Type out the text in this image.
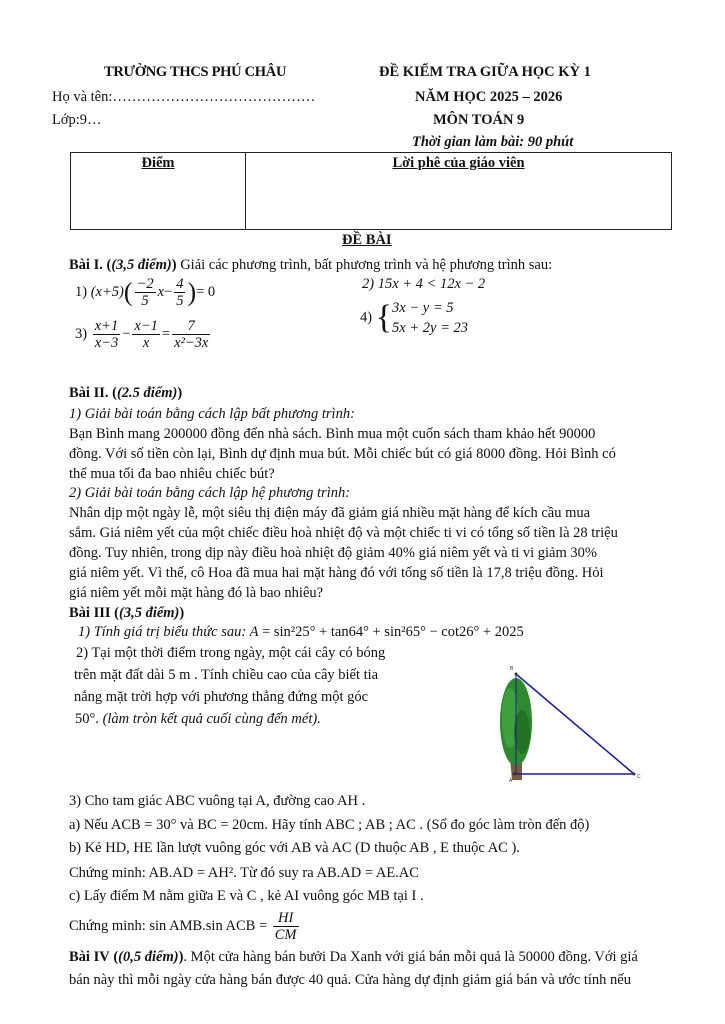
TRƯỜNG THCS PHÚ CHÂU	ĐỀ KIỂM TRA GIỮA HỌC KỲ 1
Họ và tên:……………………………………	NĂM HỌC 2025 – 2026
Lớp:9…	MÔN TOÁN 9
Thời gian làm bài: 90 phút
Điểm	Lời phê của giáo viên
ĐỀ BÀI
Bài I. ((3,5 điểm)) Giải các phương trình, bất phương trình và hệ phương trình sau:
1) $(x+5)( \frac{-2}{5} x- \frac{4}{5}$ )= 0	2) 15x + 4 < 12x − 2
$3) \frac{x+1}{x-3} - \frac{x-1}{x} = \frac{7}{\text{x²−3x}}$
4) {3x − y = 5
5x + 2y = 23
Bài II. ((2.5 điểm))
1) Giải bài toán bằng cách lập bất phương trình:
Bạn Bình mang 200000 đồng đến nhà sách. Bình mua một cuốn sách tham khảo hết 90000
đồng. Với số tiền còn lại, Bình dự định mua bút. Mỗi chiếc bút có giá 8000 đồng. Hỏi Bình có
thể mua tối đa bao nhiêu chiếc bút?
2) Giải bài toán bằng cách lập hệ phương trình:
Nhân dịp một ngày lễ, một siêu thị điện máy đã giảm giá nhiều mặt hàng để kích cầu mua
sắm. Giá niêm yết của một chiếc điều hoà nhiệt độ và một chiếc ti vi có tổng số tiền là 28 triệu
đồng. Tuy nhiên, trong dịp này điều hoà nhiệt độ giảm 40% giá niêm yết và ti vi giảm 30%
giá niêm yết. Vì thế, cô Hoa đã mua hai mặt hàng đó với tổng số tiền là 17,8 triệu đồng. Hỏi
giá niêm yết mỗi mặt hàng đó là bao nhiêu?
Bài III ((3,5 điểm))
1) Tính giá trị biểu thức sau: A = sin²25° + tan64° + sin²65° − cot26° + 2025
2) Tại một thời điểm trong ngày, một cái cây có bóng
trên mặt đất dài 5 m . Tính chiều cao của cây biết tia
nắng mặt trời hợp với phương thẳng đứng một góc
50°. (làm tròn kết quả cuối cùng đến mét).
B
C
A
3) Cho tam giác ABC vuông tại A, đường cao AH .
a) Nếu ACB = 30° và BC = 20cm. Hãy tính ABC ; AB ; AC . (Số đo góc làm tròn đến độ)
b) Kẻ HD, HE lần lượt vuông góc với AB và AC (D thuộc AB , E thuộc AC ).
Chứng minh: AB.AD = AH². Từ đó suy ra AB.AD = AE.AC
c) Lấy điểm M nằm giữa E và C , kẻ AI vuông góc MB tại I .
Chứng minh: sin AMB.sin ACB = $\frac{HI}{CM}$
Bài IV ((0,5 điểm)). Một cửa hàng bán bưởi Da Xanh với giá bán mỗi quả là 50000 đồng. Với giá
bán này thì mỗi ngày cửa hàng bán được 40 quả. Cửa hàng dự định giảm giá bán và ước tính nếu
